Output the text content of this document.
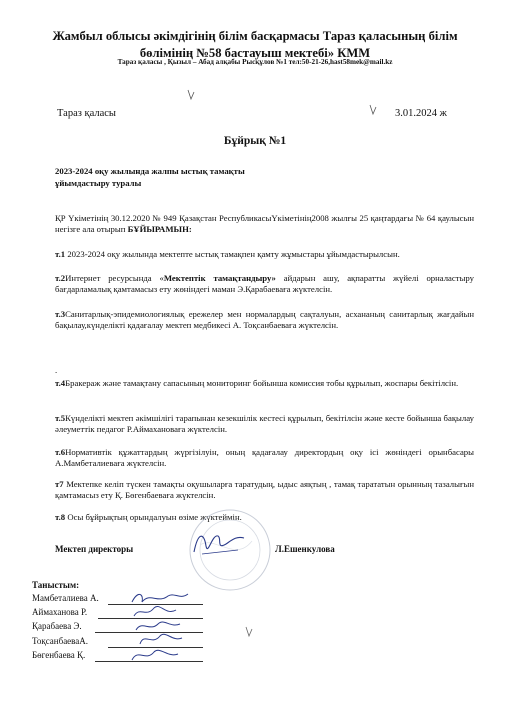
Жамбыл облысы әкімдігінің білім басқармасы Тараз қаласының білім бөлімінің №58 бастауыш мектебі» КММ
Тараз қаласы , Қызыл – Абад алқабы Рысқұлов №1 тел:50-21-26,hast58mek@mail.kz
Тараз қаласы	3.01.2024 ж
Бұйрық №1
2023-2024 оқу жылында жалпы ыстық тамақты ұйымдастыру туралы
ҚР Үкіметінің 30.12.2020 № 949 Қазақстан РеспубликасыҮкіметінің2008 жылғы 25 қаңтардағы № 64 қаулысын негізге ала отырып БҰЙЫРАМЫН:
т.1 2023-2024 оқу жылында мектепте ыстық тамақпен қамту жұмыстары ұйымдастырылсын.
т.2Интернет ресурсында «Мектептік тамақтандыру» айдарын ашу, ақпаратты жүйелі орналастыру бағдарламалық қамтамасыз ету жөніндегі маман Э.Қарабаеваға жүктелсін.
т.3Санитарлық-эпидемиологиялық ережелер мен нормалардың сақталуын, асхананың санитарлық жағдайын бақылау,күнделікті қадағалау мектеп медбикесі А. Тоқсанбаеваға жүктелсін.
.
т.4Бракераж және тамақтану сапасының мониторинг бойынша комиссия тобы құрылып, жоспары бекітілсін.
т.5Күнделікті мектеп әкімшілігі тарапынан кезекшілік кестесі құрылып, бекітілсін және кесте бойынша бақылау әлеуметтік педагог Р.Аймахановаға жүктелсін.
т.6Нормативтік құжаттардың жүргізілуін, оның қадағалау директордың оқу ісі жөніндегі орынбасары А.Мамбеталиеваға жүктелсін.
т7 Мектепке келіп түскен тамақты оқушыларға таратудың, ыдыс аяқтың , тамақ тарататын орынның тазалығын қамтамасыз ету Қ. Бөгенбаеваға жүктелсін.
т.8 Осы бұйрықтың орындалуын өзіме жүктеймін.
Мектеп директоры	Л.Ешенкулова
Таныстым:
Мамбеталиева А.
Аймаханова Р.
Қарабаева Э.
ТоқсанбаеваА.
Бөгенбаева Қ.
